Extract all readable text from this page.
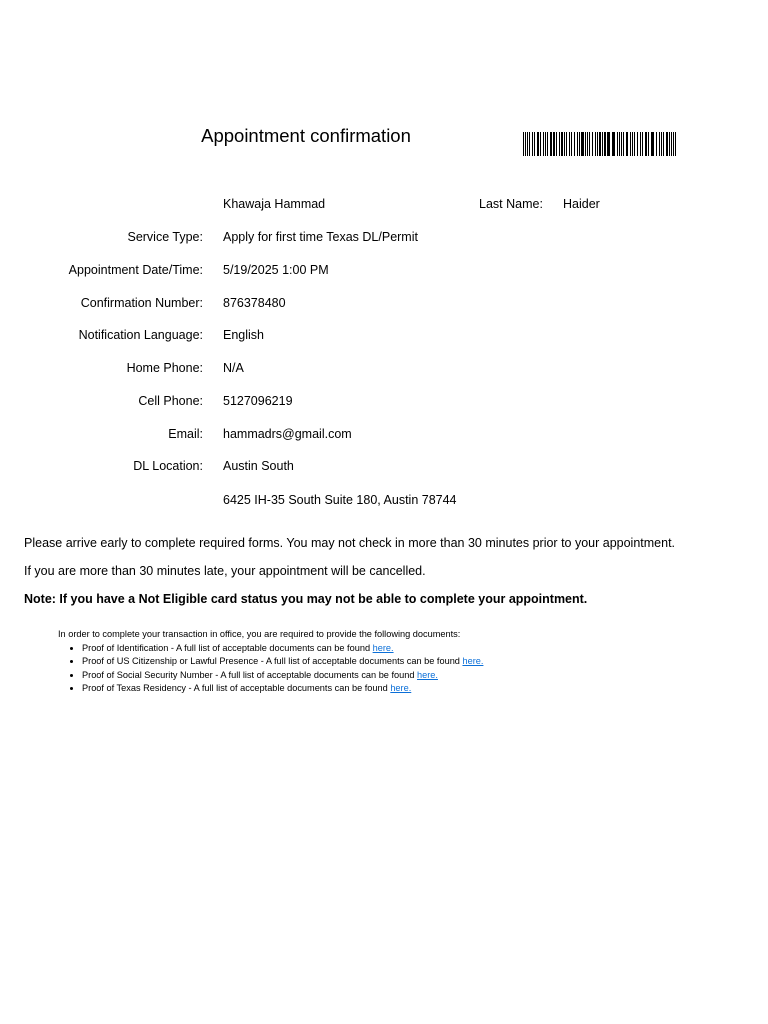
Appointment confirmation
Khawaja Hammad	Last Name: Haider
Please arrive early to complete required forms. You may not check in more than 30 minutes prior to your appointment.
If you are more than 30 minutes late, your appointment will be cancelled.
Note: If you have a Not Eligible card status you may not be able to complete your appointment.
In order to complete your transaction in office, you are required to provide the following documents:
• Proof of Identification - A full list of acceptable documents can be found here.
• Proof of US Citizenship or Lawful Presence - A full list of acceptable documents can be found here.
• Proof of Social Security Number - A full list of acceptable documents can be found here.
• Proof of Texas Residency - A full list of acceptable documents can be found here.
Service Type: Apply for first time Texas DL/Permit
Appointment Date/Time: 5/19/2025 1:00 PM
Confirmation Number: 876378480
Notification Language: English
Home Phone: N/A
Cell Phone: 5127096219
Email: hammadrs@gmail.com
DL Location: Austin South
6425 IH-35 South Suite 180, Austin 78744
